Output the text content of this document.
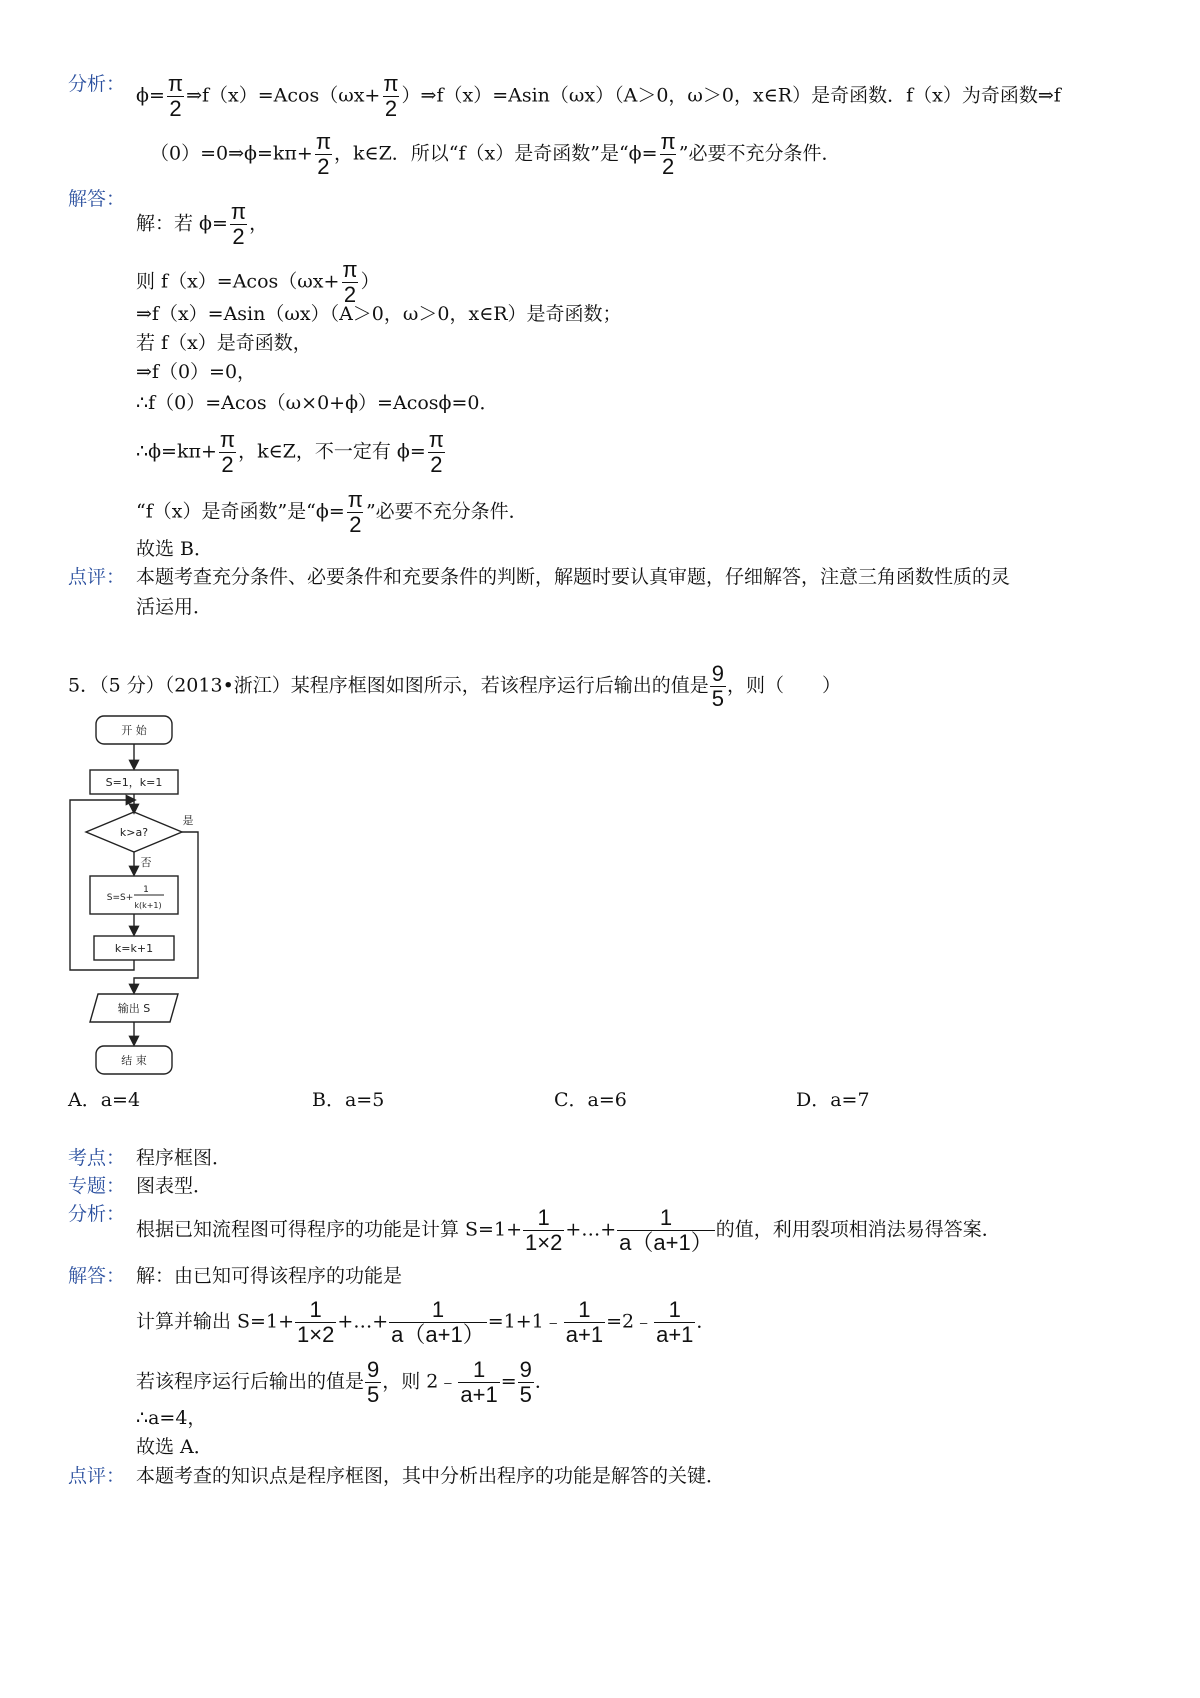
分析：
$\phi= \frac{\pi}{2}$ ⇒f（x）=Acos（ωx+ $\frac{\pi}{2}$ ）⇒f（x）=Asin（ωx）（A＞0，ω＞0，x∈R）是奇函数．f（x）为奇函数⇒f
（0）=0⇒ϕ=kπ+ $\frac{\pi}{2}$ ，k∈Z．所以“f（x）是奇函数”是“$\phi= \frac{\pi}{2}$ ”必要不充分条件．
解答：
解：若 $\phi= \frac{\pi}{2}$ ，
则 $f(x)=Acos(\omega x+ \frac{\pi}{2}$ ）
⇒f（x）=Asin（ωx）（A＞0，ω＞0，x∈R）是奇函数；
若 f（x）是奇函数，
⇒f（0）=0，
∴f（0）=Acos（ω×0+ϕ）=Acosϕ=0．
∴ϕ=kπ+ $\frac{\pi}{2}$ ，k∈Z，不一定有 $\phi= \frac{\pi}{2}$
“f（x）是奇函数”是“$\phi= \frac{\pi}{2}$ ”必要不充分条件．
故选 B．
点评： 本题考查充分条件、必要条件和充要条件的判断，解题时要认真审题，仔细解答，注意三角函数性质的灵
活运用．
5．（5 分）（2013•浙江）某程序框图如图所示，若该程序运行后输出的值是 $\frac{9}{5}$ ，则（　　）
开 始
S=1，k=1
k>a?
是
否
S=S+
1
k(k+1)
k=k+1
输出 S
结 束
A．a=4	B．a=5	C．a=6	D．a=7
考点： 程序框图．
专题： 图表型．
分析：
根据已知流程图可得程序的功能是计算 $S=1+ \frac{1}{1\times 2}$ +…+ $\frac{1}{a(a+1)}$ 的值，利用裂项相消法易得答案．
解答： 解：由已知可得该程序的功能是
计算并输出 $S=1+ \frac{1}{1\times 2}$ +…+ $\frac{1}{a(a+1)}$ =1+1﹣ $\frac{1}{a+1}$ =2﹣ $\frac{1}{a+1}$ ．
若该程序运行后输出的值是 $\frac{9}{5}$ ，则 2﹣ $\frac{1}{a+1} = \frac{9}{5}$ ．
∴a=4，
故选 A．
点评： 本题考查的知识点是程序框图，其中分析出程序的功能是解答的关键．
